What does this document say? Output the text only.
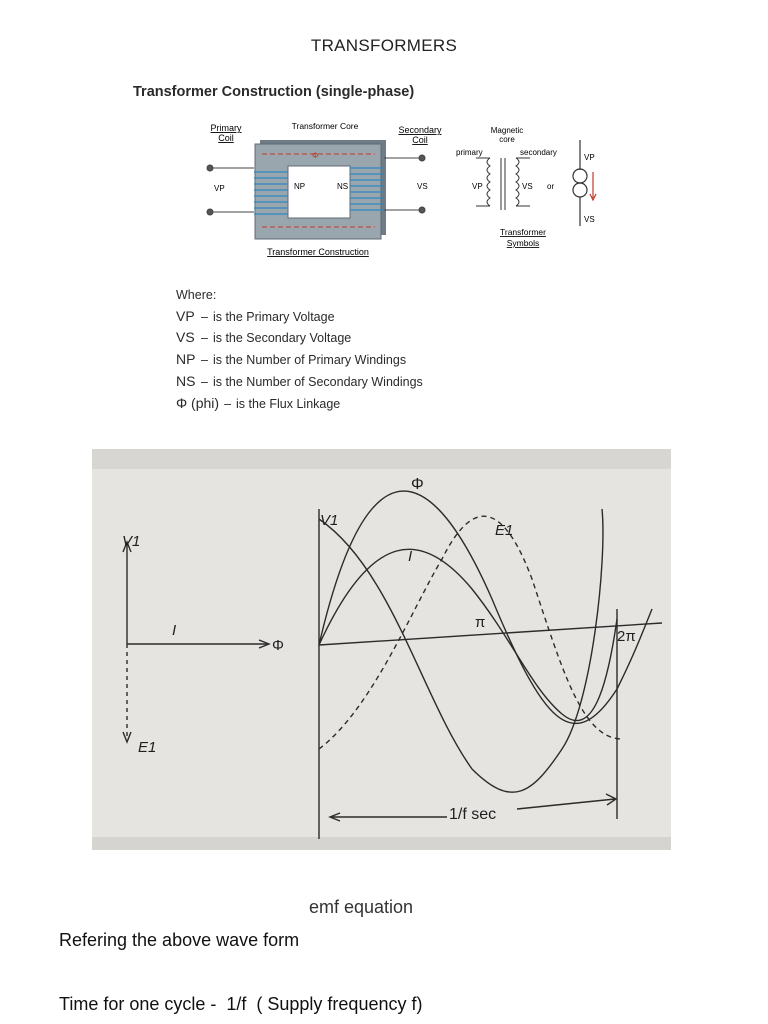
TRANSFORMERS
Transformer Construction (single-phase)
Primary
Coil
Transformer Core	Secondary
Coil
Φ
VP	NP	NS	VS
Transformer Construction
Magnetic
core
primary	secondary
VP	VS or
VP
VS
Transformer
Symbols
Where:
VP – is the Primary Voltage
VS – is the Secondary Voltage
NP – is the Number of Primary Windings
NS – is the Number of Secondary Windings
Φ (phi) – is the Flux Linkage
V1
E1
I
Φ
Φ
V1
I
E1
π
2π
1/f sec
emf equation
Refering the above wave form
Time for one cycle -  1/f  ( Supply frequency f)
